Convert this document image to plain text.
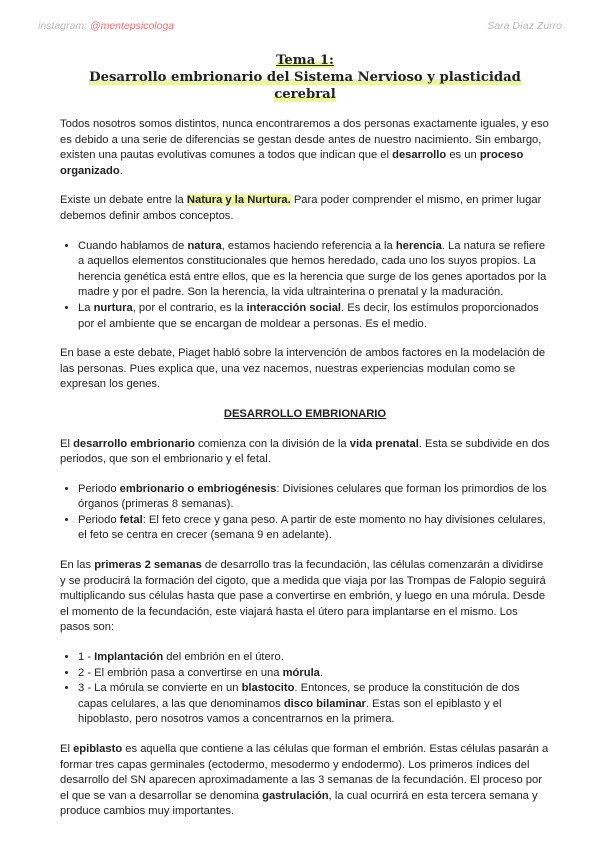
instagram: @mentepsicologa	Sara Díaz Zurro
Tema 1:
Desarrollo embrionario del Sistema Nervioso y plasticidad cerebral

Todos nosotros somos distintos, nunca encontraremos a dos personas exactamente iguales, y eso es debido a una serie de diferencias se gestan desde antes de nuestro nacimiento. Sin embargo, existen una pautas evolutivas comunes a todos que indican que el desarrollo es un proceso organizado.

Existe un debate entre la Natura y la Nurtura. Para poder comprender el mismo, en primer lugar debemos definir ambos conceptos.

• Cuando hablamos de natura, estamos haciendo referencia a la herencia. La natura se refiere a aquellos elementos constitucionales que hemos heredado, cada uno los suyos propios. La herencia genética está entre ellos, que es la herencia que surge de los genes aportados por la madre y por el padre. Son la herencia, la vida ultrainterina o prenatal y la maduración.
• La nurtura, por el contrario, es la interacción social. Es decir, los estímulos proporcionados por el ambiente que se encargan de moldear a personas. Es el medio.

En base a este debate, Piaget habló sobre la intervención de ambos factores en la modelación de las personas. Pues explica que, una vez nacemos, nuestras experiencias modulan como se expresan los genes.

DESARROLLO EMBRIONARIO

El desarrollo embrionario comienza con la división de la vida prenatal. Esta se subdivide en dos periodos, que son el embrionario y el fetal.

• Periodo embrionario o embriogénesis: Divisiones celulares que forman los primordios de los órganos (primeras 8 semanas).
• Periodo fetal: El feto crece y gana peso. A partir de este momento no hay divisiones celulares, el feto se centra en crecer (semana 9 en adelante).

En las primeras 2 semanas de desarrollo tras la fecundación, las células comenzarán a dividirse y se producirá la formación del cigoto, que a medida que viaja por las Trompas de Falopio seguirá multiplicando sus células hasta que pase a convertirse en embrión, y luego en una mórula. Desde el momento de la fecundación, este viajará hasta el útero para implantarse en el mismo. Los pasos son:

• 1 - Implantación del embrión en el útero.
• 2 - El embrión pasa a convertirse en una mórula.
• 3 - La mórula se convierte en un blastocito. Entonces, se produce la constitución de dos capas celulares, a las que denominamos disco bilaminar. Estas son el epiblasto y el hipoblasto, pero nosotros vamos a concentrarnos en la primera.

El epiblasto es aquella que contiene a las células que forman el embrión. Estas células pasarán a formar tres capas germinales (ectodermo, mesodermo y endodermo). Los primeros índices del desarrollo del SN aparecen aproximadamente a las 3 semanas de la fecundación. El proceso por el que se van a desarrollar se denomina gastrulación, la cual ocurrirá en esta tercera semana y produce cambios muy importantes.
